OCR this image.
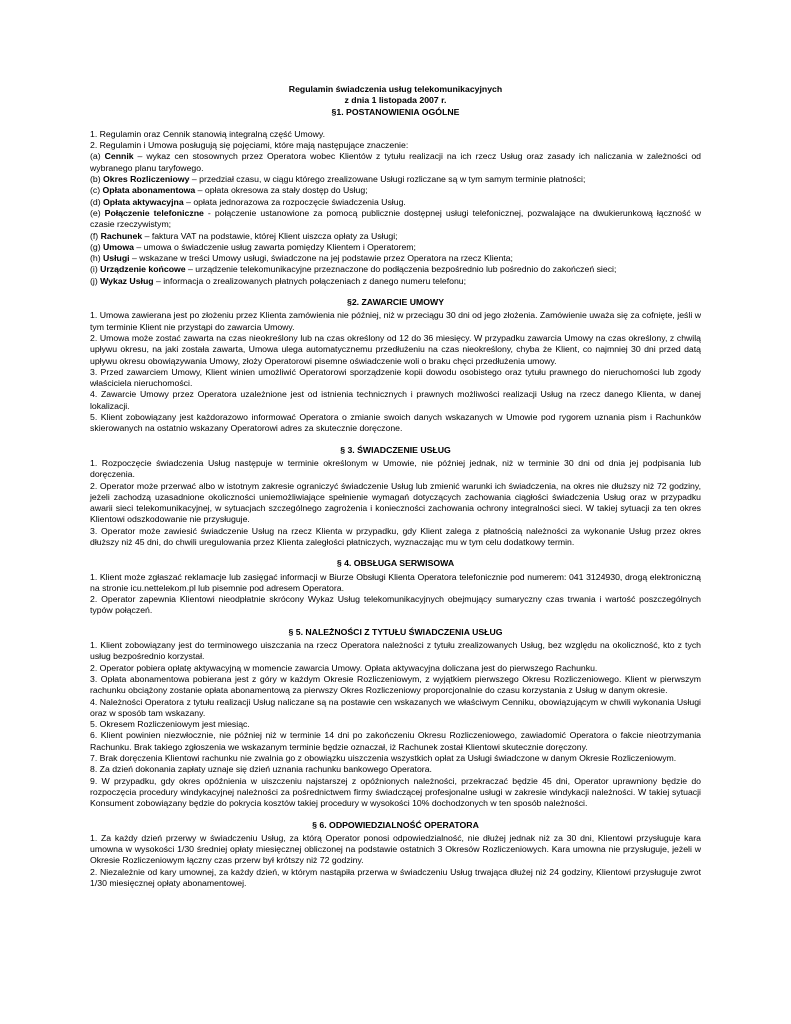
Regulamin świadczenia usług telekomunikacyjnych
z dnia 1 listopada 2007 r.
§1. POSTANOWIENIA OGÓLNE

1. Regulamin oraz Cennik stanowią integralną część Umowy.

2. Regulamin i Umowa posługują się pojęciami, które mają następujące znaczenie:

(a) Cennik – wykaz cen stosownych przez Operatora wobec Klientów z tytułu realizacji na ich rzecz Usług oraz zasady ich naliczania w zależności od wybranego planu taryfowego.

(b) Okres Rozliczeniowy – przedział czasu, w ciągu którego zrealizowane Usługi rozliczane są w tym samym terminie płatności;

(c) Opłata abonamentowa – opłata okresowa za stały dostęp do Usług;

(d) Opłata aktywacyjna – opłata jednorazowa za rozpoczęcie świadczenia Usług.

(e) Połączenie telefoniczne - połączenie ustanowione za pomocą publicznie dostępnej usługi telefonicznej, pozwalające na dwukierunkową łączność w czasie rzeczywistym;

(f) Rachunek – faktura VAT na podstawie, której Klient uiszcza opłaty za Usługi;

(g) Umowa – umowa o świadczenie usług zawarta pomiędzy Klientem i Operatorem;

(h) Usługi – wskazane w treści Umowy usługi, świadczone na jej podstawie przez Operatora na rzecz Klienta;

(i) Urządzenie końcowe – urządzenie telekomunikacyjne przeznaczone do podłączenia bezpośrednio lub pośrednio do zakończeń sieci;

(j) Wykaz Usług – informacja o zrealizowanych płatnych połączeniach z danego numeru telefonu;

§2. ZAWARCIE UMOWY

1. Umowa zawierana jest po złożeniu przez Klienta zamówienia nie później, niż w przeciągu 30 dni od jego złożenia. Zamówienie uważa się za cofnięte, jeśli w tym terminie Klient nie przystąpi do zawarcia Umowy.

2. Umowa może zostać zawarta na czas nieokreślony lub na czas określony od 12 do 36 miesięcy. W przypadku zawarcia Umowy na czas określony, z chwilą upływu okresu, na jaki została zawarta, Umowa ulega automatycznemu przedłużeniu na czas nieokreślony, chyba że Klient, co najmniej 30 dni przed datą upływu okresu obowiązywania Umowy, złoży Operatorowi pisemne oświadczenie woli o braku chęci przedłużenia umowy.

3. Przed zawarciem Umowy, Klient winien umożliwić Operatorowi sporządzenie kopii dowodu osobistego oraz tytułu prawnego do nieruchomości lub zgody właściciela nieruchomości.

4. Zawarcie Umowy przez Operatora uzależnione jest od istnienia technicznych i prawnych możliwości realizacji Usług na rzecz danego Klienta, w danej lokalizacji.

5. Klient zobowiązany jest każdorazowo informować Operatora o zmianie swoich danych wskazanych w Umowie pod rygorem uznania pism i Rachunków skierowanych na ostatnio wskazany Operatorowi adres za skutecznie doręczone.

§ 3. ŚWIADCZENIE USŁUG

1. Rozpoczęcie świadczenia Usług następuje w terminie określonym w Umowie, nie później jednak, niż w terminie 30 dni od dnia jej podpisania lub doręczenia.

2. Operator może przerwać albo w istotnym zakresie ograniczyć świadczenie Usług lub zmienić warunki ich świadczenia, na okres nie dłuższy niż 72 godziny, jeżeli zachodzą uzasadnione okoliczności uniemożliwiające spełnienie wymagań dotyczących zachowania ciągłości świadczenia Usług oraz w przypadku awarii sieci telekomunikacyjnej, w sytuacjach szczególnego zagrożenia i konieczności zachowania ochrony integralności sieci. W takiej sytuacji za ten okres Klientowi odszkodowanie nie przysługuje.

3. Operator może zawiesić świadczenie Usług na rzecz Klienta w przypadku, gdy Klient zalega z płatnością należności za wykonanie Usług przez okres dłuższy niż 45 dni, do chwili uregulowania przez Klienta zaległości płatniczych, wyznaczając mu w tym celu dodatkowy termin.

§ 4. OBSŁUGA SERWISOWA

1. Klient może zgłaszać reklamacje lub zasięgać informacji w Biurze Obsługi Klienta Operatora telefonicznie pod numerem: 041 3124930, drogą elektroniczną na stronie icu.nettelekom.pl lub pisemnie pod adresem Operatora.

2. Operator zapewnia Klientowi nieodpłatnie skrócony Wykaz Usług telekomunikacyjnych obejmujący sumaryczny czas trwania i wartość poszczególnych typów połączeń.

§ 5. NALEŻNOŚCI Z TYTUŁU ŚWIADCZENIA USŁUG

1. Klient zobowiązany jest do terminowego uiszczania na rzecz Operatora należności z tytułu zrealizowanych Usług, bez względu na okoliczność, kto z tych usług bezpośrednio korzystał.

2. Operator pobiera opłatę aktywacyjną w momencie zawarcia Umowy. Opłata aktywacyjna doliczana jest do pierwszego Rachunku.

3. Opłata abonamentowa pobierana jest z góry w każdym Okresie Rozliczeniowym, z wyjątkiem pierwszego Okresu Rozliczeniowego. Klient w pierwszym rachunku obciążony zostanie opłata abonamentową za pierwszy Okres Rozliczeniowy proporcjonalnie do czasu korzystania z Usług w danym okresie.

4. Należności Operatora z tytułu realizacji Usług naliczane są na postawie cen wskazanych we właściwym Cenniku, obowiązującym w chwili wykonania Usługi oraz w sposób tam wskazany.

5. Okresem Rozliczeniowym jest miesiąc.

6. Klient powinien niezwłocznie, nie później niż w terminie 14 dni po zakończeniu Okresu Rozliczeniowego, zawiadomić Operatora o fakcie nieotrzymania Rachunku. Brak takiego zgłoszenia we wskazanym terminie będzie oznaczał, iż Rachunek został Klientowi skutecznie doręczony.

7. Brak doręczenia Klientowi rachunku nie zwalnia go z obowiązku uiszczenia wszystkich opłat za Usługi świadczone w danym Okresie Rozliczeniowym.

8. Za dzień dokonania zapłaty uznaje się dzień uznania rachunku bankowego Operatora.

9. W przypadku, gdy okres opóźnienia w uiszczeniu najstarszej z opóźnionych należności, przekraczać będzie 45 dni, Operator uprawniony będzie do rozpoczęcia procedury windykacyjnej należności za pośrednictwem firmy świadczącej profesjonalne usługi w zakresie windykacji należności. W takiej sytuacji Konsument zobowiązany będzie do pokrycia kosztów takiej procedury w wysokości 10% dochodzonych w ten sposób należności.

§ 6. ODPOWIEDZIALNOŚĆ OPERATORA

1. Za każdy dzień przerwy w świadczeniu Usług, za którą Operator ponosi odpowiedzialność, nie dłużej jednak niż za 30 dni, Klientowi przysługuje kara umowna w wysokości 1/30 średniej opłaty miesięcznej obliczonej na podstawie ostatnich 3 Okresów Rozliczeniowych. Kara umowna nie przysługuje, jeżeli w Okresie Rozliczeniowym łączny czas przerw był krótszy niż 72 godziny.

2. Niezależnie od kary umownej, za każdy dzień, w którym nastąpiła przerwa w świadczeniu Usług trwająca dłużej niż 24 godziny, Klientowi przysługuje zwrot 1/30 miesięcznej opłaty abonamentowej.
